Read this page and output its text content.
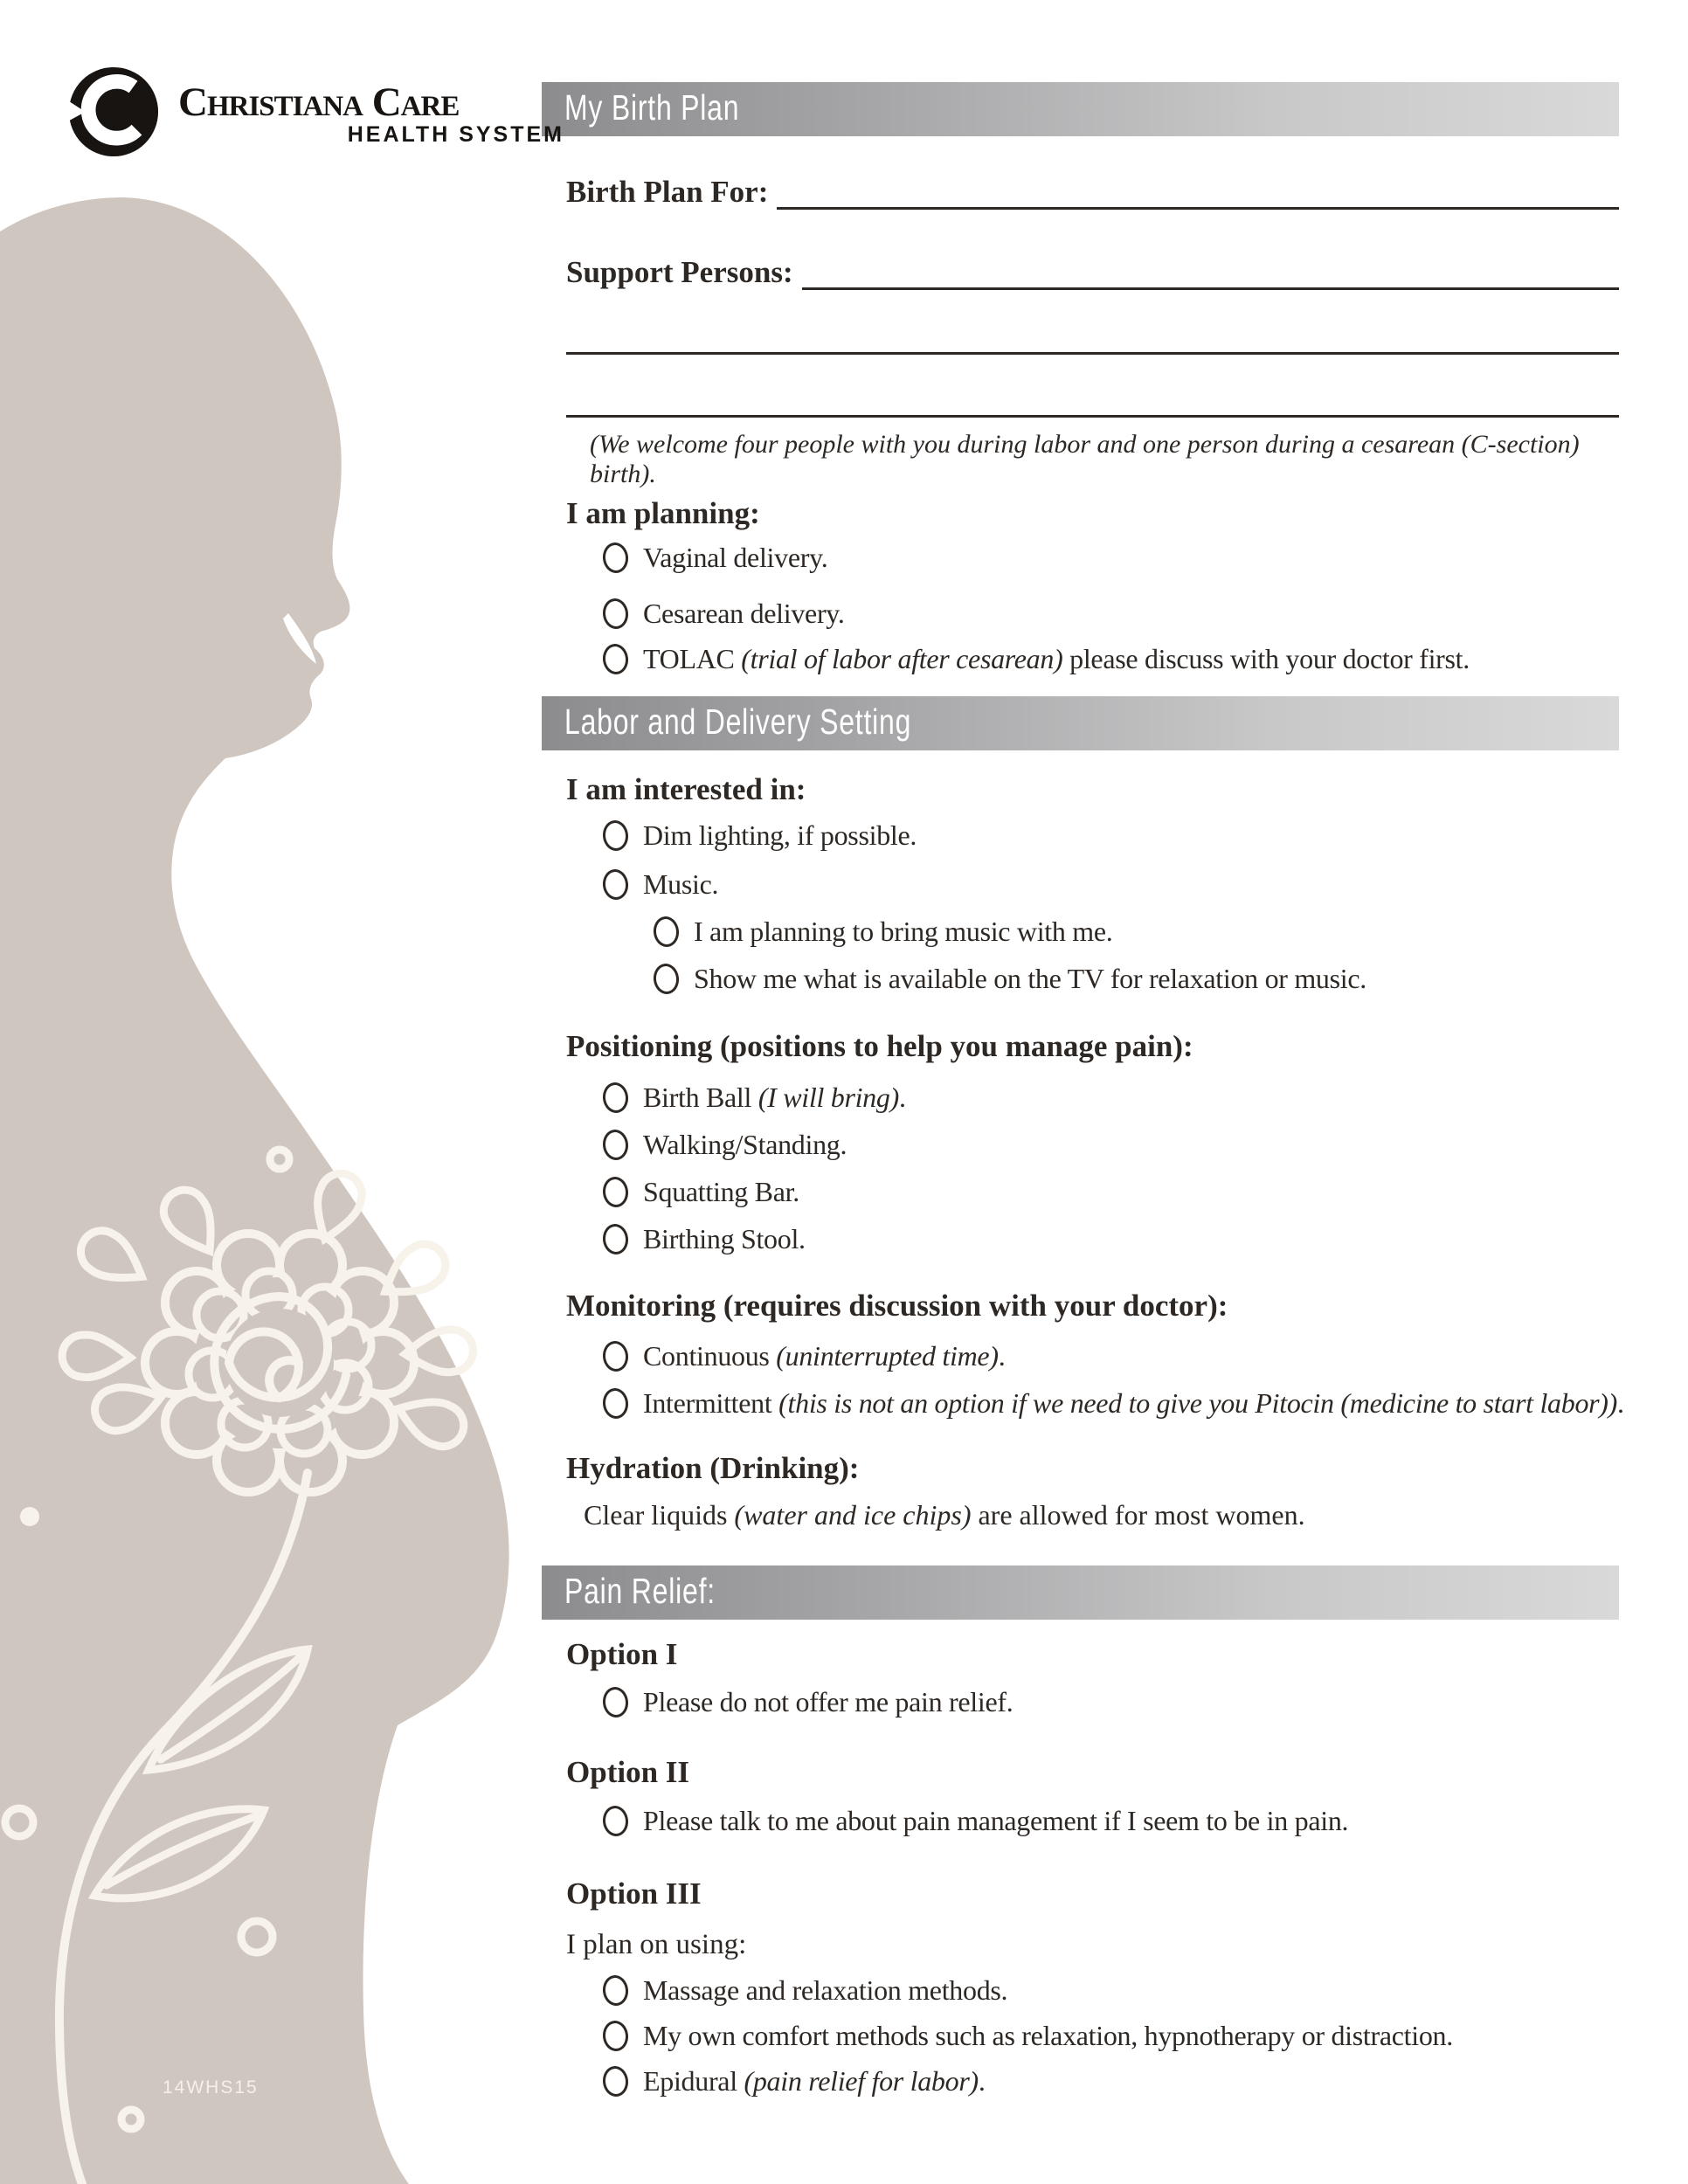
Christiana Care
HEALTH SYSTEM
My Birth Plan
Birth Plan For:
Support Persons:
(We welcome four people with you during labor and one person during a cesarean (C-section) birth).
I am planning:
Vaginal delivery.
Cesarean delivery.
TOLAC (trial of labor after cesarean) please discuss with your doctor first.
Labor and Delivery Setting
I am interested in:
Dim lighting, if possible.
Music.
I am planning to bring music with me.
Show me what is available on the TV for relaxation or music.
Positioning (positions to help you manage pain):
Birth Ball (I will bring).
Walking/Standing.
Squatting Bar.
Birthing Stool.
Monitoring (requires discussion with your doctor):
Continuous (uninterrupted time).
Intermittent (this is not an option if we need to give you Pitocin (medicine to start labor)).
Hydration (Drinking):
Clear liquids (water and ice chips) are allowed for most women.
Pain Relief:
Option I
Please do not offer me pain relief.
Option II
Please talk to me about pain management if I seem to be in pain.
Option III
I plan on using:
Massage and relaxation methods.
My own comfort methods such as relaxation, hypnotherapy or distraction.
Epidural (pain relief for labor).
14WHS15
